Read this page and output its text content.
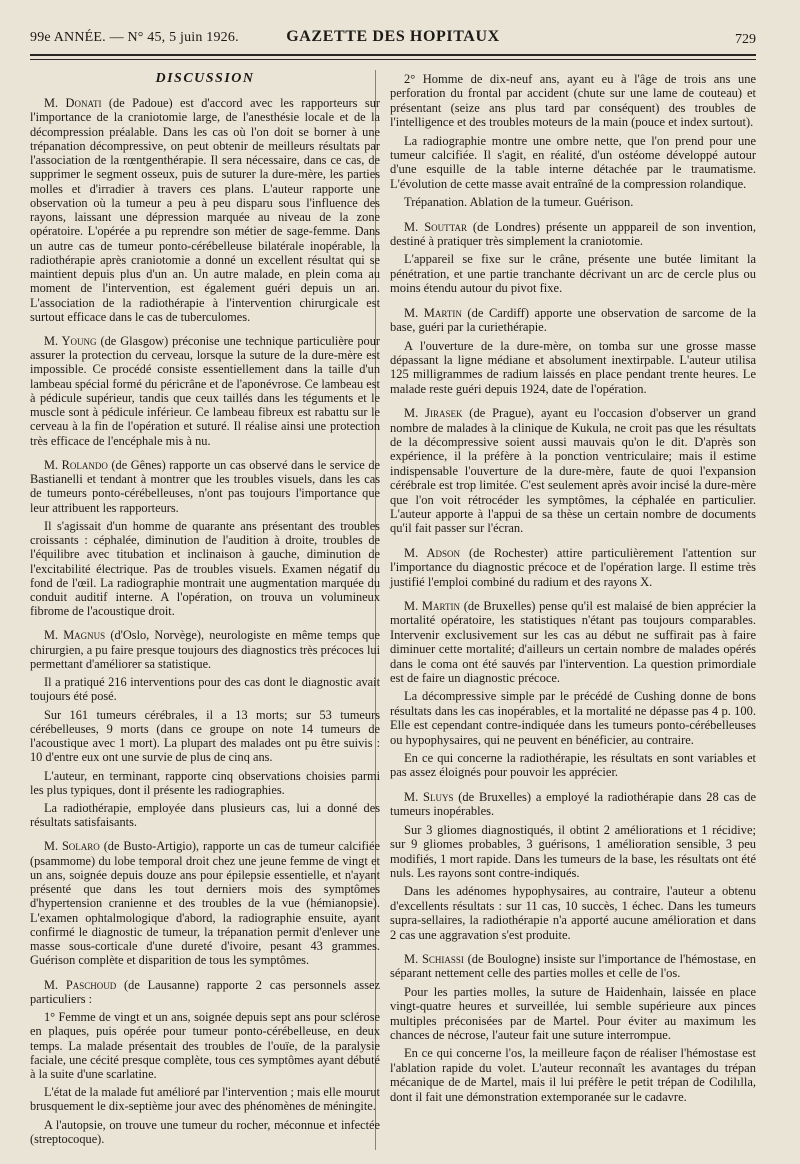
99e ANNÉE. — N° 45, 5 juin 1926.	GAZETTE DES HOPITAUX	729
DISCUSSION

M. Donati (de Padoue) est d'accord avec les rapporteurs sur l'importance de la craniotomie large, de l'anesthésie locale et de la décompression préalable. Dans les cas où l'on doit se borner à une trépanation décompressive, on peut obtenir de meilleurs résultats par l'association de la rœntgenthérapie. Il sera nécessaire, dans ce cas, de supprimer le segment osseux, puis de suturer la dure-mère, les parties molles et d'irradier à travers ces plans. L'auteur rapporte une observation où la tumeur a peu à peu disparu sous l'influence des rayons, laissant une dépression marquée au niveau de la zone opératoire. L'opérée a pu reprendre son métier de sage-femme. Dans un autre cas de tumeur ponto-cérébelleuse bilatérale inopérable, la radiothérapie après craniotomie a donné un excellent résultat qui se maintient depuis plus d'un an. Un autre malade, en plein coma au moment de l'intervention, est également guéri depuis un an. L'association de la radiothérapie à l'intervention chirurgicale est surtout efficace dans le cas de tuberculomes.

M. Young (de Glasgow) préconise une technique particulière pour assurer la protection du cerveau, lorsque la suture de la dure-mère est impossible. Ce procédé consiste essentiellement dans la taille d'un lambeau spécial formé du péricrâne et de l'aponévrose. Ce lambeau est à pédicule supérieur, tandis que ceux taillés dans les téguments et le muscle sont à pédicule inférieur. Ce lambeau fibreux est rabattu sur le cerveau à la fin de l'opération et suturé. Il réalise ainsi une protection très efficace de l'encéphale mis à nu.

M. Rolando (de Gênes) rapporte un cas observé dans le service de Bastianelli et tendant à montrer que les troubles visuels, dans les cas de tumeurs ponto-cérébelleuses, n'ont pas toujours l'importance que leur attribuent les rapporteurs.

Il s'agissait d'un homme de quarante ans présentant des troubles croissants : céphalée, diminution de l'audition à droite, troubles de l'équilibre avec titubation et inclinaison à gauche, diminution de l'excitabilité électrique. Pas de troubles visuels. Examen négatif du fond de l'œil. La radiographie montrait une augmentation marquée du conduit auditif interne. A l'opération, on trouva un volumineux fibrome de l'acoustique droit.

M. Magnus (d'Oslo, Norvège), neurologiste en même temps que chirurgien, a pu faire presque toujours des diagnostics très précoces lui permettant d'améliorer sa statistique.

Il a pratiqué 216 interventions pour des cas dont le diagnostic avait toujours été posé.

Sur 161 tumeurs cérébrales, il a 13 morts; sur 53 tumeurs cérébelleuses, 9 morts (dans ce groupe on note 14 tumeurs de l'acoustique avec 1 mort). La plupart des malades ont pu être suivis : 10 d'entre eux ont une survie de plus de cinq ans.

L'auteur, en terminant, rapporte cinq observations choisies parmi les plus typiques, dont il présente les radiographies.

La radiothérapie, employée dans plusieurs cas, lui a donné des résultats satisfaisants.

M. Solaro (de Busto-Artigio), rapporte un cas de tumeur calcifiée (psammome) du lobe temporal droit chez une jeune femme de vingt et un ans, soignée depuis douze ans pour épilepsie essentielle, et n'ayant présenté que dans les tout derniers mois des symptômes d'hypertension cranienne et des troubles de la vue (hémianopsie). L'examen ophtalmologique d'abord, la radiographie ensuite, ayant confirmé le diagnostic de tumeur, la trépanation permit d'enlever une masse sous-corticale d'une dureté d'ivoire, pesant 43 grammes. Guérison complète et disparition de tous les symptômes.

M. Paschoud (de Lausanne) rapporte 2 cas personnels assez particuliers :

1° Femme de vingt et un ans, soignée depuis sept ans pour sclérose en plaques, puis opérée pour tumeur ponto-cérébelleuse, en deux temps. La malade présentait des troubles de l'ouïe, de la paralysie faciale, une cécité presque complète, tous ces symptômes ayant débuté à la suite d'une scarlatine.

L'état de la malade fut amélioré par l'intervention ; mais elle mourut brusquement le dix-septième jour avec des phénomènes de méningite.

A l'autopsie, on trouve une tumeur du rocher, méconnue et infectée (streptocoque).

2° Homme de dix-neuf ans, ayant eu à l'âge de trois ans une perforation du frontal par accident (chute sur une lame de couteau) et présentant (seize ans plus tard par conséquent) des troubles de l'intelligence et des troubles moteurs de la main (pouce et index surtout).

La radiographie montre une ombre nette, que l'on prend pour une tumeur calcifiée. Il s'agit, en réalité, d'un ostéome développé autour d'une esquille de la table interne détachée par le traumatisme. L'évolution de cette masse avait entraîné de la compression rolandique.

Trépanation. Ablation de la tumeur. Guérison.

M. Souttar (de Londres) présente un apppareil de son invention, destiné à pratiquer très simplement la craniotomie.

L'appareil se fixe sur le crâne, présente une butée limitant la pénétration, et une partie tranchante décrivant un arc de cercle plus ou moins étendu autour du pivot fixe.

M. Martin (de Cardiff) apporte une observation de sarcome de la base, guéri par la curiethérapie.

A l'ouverture de la dure-mère, on tomba sur une grosse masse dépassant la ligne médiane et absolument inextirpable. L'auteur utilisa 125 milligrammes de radium laissés en place pendant trente heures. Le malade reste guéri depuis 1924, date de l'opération.

M. Jirasek (de Prague), ayant eu l'occasion d'observer un grand nombre de malades à la clinique de Kukula, ne croit pas que les résultats de la décompressive soient aussi mauvais qu'on le dit. D'après son expérience, il la préfère à la ponction ventriculaire; mais il estime indispensable l'ouverture de la dure-mère, faute de quoi l'expansion cérébrale est trop limitée. C'est seulement après avoir incisé la dure-mère que l'on voit rétrocéder les symptômes, la céphalée en particulier. L'auteur apporte à l'appui de sa thèse un certain nombre de documents qu'il fait passer sur l'écran.

M. Adson (de Rochester) attire particulièrement l'attention sur l'importance du diagnostic précoce et de l'opération large. Il estime très justifié l'emploi combiné du radium et des rayons X.

M. Martin (de Bruxelles) pense qu'il est malaisé de bien apprécier la mortalité opératoire, les statistiques n'étant pas toujours comparables. Intervenir exclusivement sur les cas au début ne suffirait pas à faire diminuer cette mortalité; d'ailleurs un certain nombre de malades opérés dans le coma ont été sauvés par l'intervention. La question primordiale est de faire un diagnostic précoce.

La décompressive simple par le précédé de Cushing donne de bons résultats dans les cas inopérables, et la mortalité ne dépasse pas 4 p. 100. Elle est cependant contre-indiquée dans les tumeurs ponto-cérébelleuses ou hypophysaires, qui ne peuvent en bénéficier, au contraire.

En ce qui concerne la radiothérapie, les résultats en sont variables et pas assez éloignés pour pouvoir les apprécier.

M. Sluys (de Bruxelles) a employé la radiothérapie dans 28 cas de tumeurs inopérables.

Sur 3 gliomes diagnostiqués, il obtint 2 améliorations et 1 récidive; sur 9 gliomes probables, 3 guérisons, 1 amélioration sensible, 3 peu modifiés, 1 mort rapide. Dans les tumeurs de la base, les résultats ont été nuls. Les rayons sont contre-indiqués.

Dans les adénomes hypophysaires, au contraire, l'auteur a obtenu d'excellents résultats : sur 11 cas, 10 succès, 1 échec. Dans les tumeurs supra-sellaires, la radiothérapie n'a apporté aucune amélioration et dans 2 cas une aggravation s'est produite.

M. Schiassi (de Boulogne) insiste sur l'importance de l'hémostase, en séparant nettement celle des parties molles et celle de l'os.

Pour les parties molles, la suture de Haidenhain, laissée en place vingt-quatre heures et surveillée, lui semble supérieure aux pinces multiples préconisées par de Martel. Pour éviter au maximum les chances de nécrose, l'auteur fait une suture interrompue.

En ce qui concerne l'os, la meilleure façon de réaliser l'hémostase est l'ablation rapide du volet. L'auteur reconnaît les avantages du trépan mécanique de de Martel, mais il lui préfère le petit trépan de Codilılla, dont il fait une démonstration extemporanée sur le cadavre.
